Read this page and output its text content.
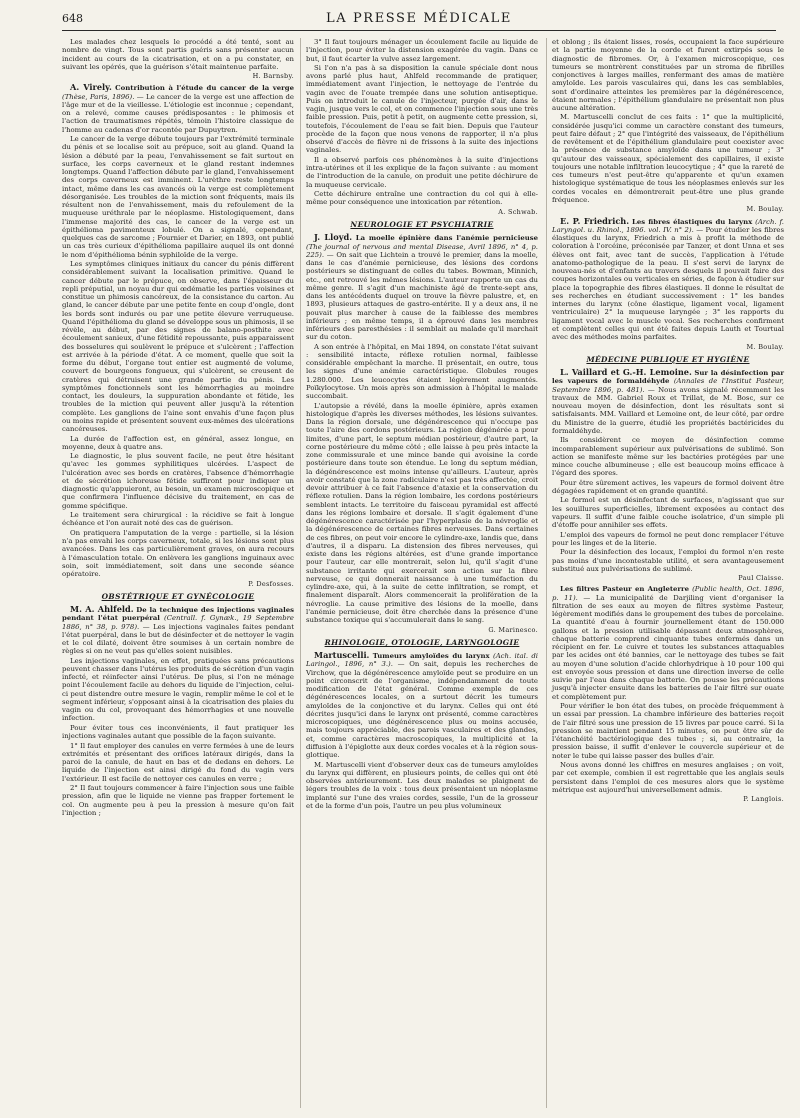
648	LA PRESSE MÉDICALE

Les malades chez lesquels le procédé a été tenté, sont au nombre de vingt. Tous sont partis guéris sans présenter aucun incident au cours de la cicatrisation, et on a pu constater, en suivant les opérés, que la guérison s'était maintenue parfaite.

H. Barnsby.
A. Virely. Contribution à l'étude du cancer de la verge (Thèse, Paris, 1896). — Le cancer de la verge est une affection de l'âge mur et de la vieillesse. L'étiologie est inconnue ; cependant, on a relevé, comme causes prédisposantes : le phimosis et l'action de traumatismes répétés, témoin l'histoire classique de l'homme au cadenas d'or racontée par Dupuytren.

Le cancer de la verge débute toujours par l'extrémité terminale du pénis et se localise soit au prépuce, soit au gland. Quand la lésion a débuté par la peau, l'envahissement se fait surtout en surface, les corps caverneux et le gland restant indemnes longtemps. Quand l'affection débute par le gland, l'envahissement des corps caverneux est imminent. L'urèthre reste longtemps intact, même dans les cas avancés où la verge est complètement désorganisée. Les troubles de la miction sont fréquents, mais ils résultent non de l'envahissement, mais du refoulement de la muqueuse uréthrale par le néoplasme. Histologiquement, dans l'immense majorité des cas, le cancer de la verge est un épithélioma pavimenteux lobulé. On a signalé, cependant, quelques cas de sarcome ; Fournier et Darier, en 1893, ont publié un cas très curieux d'épithélioma papillaire auquel ils ont donné le nom d'épithélioma bénin syphiloïde de la verge.

Les symptômes cliniques initiaux du cancer du pénis diffèrent considérablement suivant la localisation primitive. Quand le cancer débute par le prépuce, on observe, dans l'épaisseur du repli préputial, un noyau dur qui œdématie les parties voisines et constitue un phimosis cancéreux, de la consistance du carton. Au gland, le cancer débute par une petite fente en coup d'ongle, dont les bords sont indurés ou par une petite élevure verruqueuse. Quand l'épithélioma du gland se développe sous un phimosis, il se révèle, au début, par des signes de balano-posthite avec écoulement sanieux, d'une fétidité repoussante, puis apparaissent des bosselures qui soulèvent le prépuce et s'ulcèrent ; l'affection est arrivée à la période d'état. A ce moment, quelle que soit la forme du début, l'organe tout entier est augmenté de volume, couvert de bourgeons fongueux, qui s'ulcèrent, se creusent de cratères qui détruisent une grande partie du pénis. Les symptômes fonctionnels sont les hémorrhagies au moindre contact, les douleurs, la suppuration abondante et fétide, les troubles de la miction qui peuvent aller jusqu'à la rétention complète. Les ganglions de l'aine sont envahis d'une façon plus ou moins rapide et présentent souvent eux-mêmes des ulcérations cancéreuses.

La durée de l'affection est, en général, assez longue, en moyenne, deux à quatre ans.

Le diagnostic, le plus souvent facile, ne peut être hésitant qu'avec les gommes syphilitiques ulcérées. L'aspect de l'ulcération avec ses bords en cratères, l'absence d'hémorrhagie et de sécrétion ichoreuse fétide suffiront pour indiquer un diagnostic qu'appuieront, au besoin, un examen microscopique et que confirmera l'influence décisive du traitement, en cas de gomme spécifique.

Le traitement sera chirurgical : la récidive se fait à longue échéance et l'on aurait noté des cas de guérison.

On pratiquera l'amputation de la verge : partielle, si la lésion n'a pas envahi les corps caverneux, totale, si les lésions sont plus avancées. Dans les cas particulièrement graves, on aura recours à l'émasculation totale. On enlèvera les ganglions inguinaux avec soin, soit immédiatement, soit dans une seconde séance opératoire.

P. Desfosses.
OBSTÉTRIQUE ET GYNÉCOLOGIE
M. A. Ahlfeld. De la technique des injections vaginales pendant l'état puerpéral (Centrall. f. Gynæk., 19 Septembre 1886, n° 38, p. 978). — Les injections vaginales faites pendant l'état puerpéral, dans le but de désinfecter et de nettoyer le vagin et le col dilaté, doivent être soumises à un certain nombre de règles si on ne veut pas qu'elles soient nuisibles.

Les injections vaginales, en effet, pratiquées sans précautions peuvent chasser dans l'utérus les produits de sécrétion d'un vagin infecté, et réinfecter ainsi l'utérus. De plus, si l'on ne ménage point l'écoulement facile au dehors du liquide de l'injection, celui-ci peut distendre outre mesure le vagin, remplir même le col et le segment inférieur, s'opposant ainsi à la cicatrisation des plaies du vagin ou du col, provoquant des hémorrhagies et une nouvelle infection.

Pour éviter tous ces inconvénients, il faut pratiquer les injections vaginales autant que possible de la façon suivante.

1° Il faut employer des canules en verre fermées à une de leurs extrémités et présentant des orifices latéraux dirigés, dans la paroi de la canule, de haut en bas et de dedans en dehors. Le liquide de l'injection est ainsi dirigé du fond du vagin vers l'extérieur. Il est facile de nettoyer ces canules en verre ;

2° Il faut toujours commencer à faire l'injection sous une faible pression, afin que le liquide ne vienne pas frapper fortement le col. On augmente peu à peu la pression à mesure qu'on fait l'injection ;

3° Il faut toujours ménager un écoulement facile au liquide de l'injection, pour éviter la distension exagérée du vagin. Dans ce but, il faut écarter la vulve assez largement.

Si l'on n'a pas à sa disposition la canule spéciale dont nous avons parlé plus haut, Ahlfeld recommande de pratiquer, immédiatement avant l'injection, le nettoyage de l'entrée du vagin avec de l'ouate trempée dans une solution antiseptique. Puis on introduit le canule de l'injecteur, purgée d'air, dans le vagin, jusque vers le col, et on commence l'injection sous une très faible pression. Puis, petit à petit, on augmente cette pression, si, toutefois, l'écoulement de l'eau se fait bien. Depuis que l'auteur procède de la façon que nous venons de rapporter, il n'a plus observé d'accès de fièvre ni de frissons à la suite des injections vaginales.

Il a observé parfois ces phénomènes à la suite d'injections intra-utérines et il les explique de la façon suivante : au moment de l'introduction de la canule, on produit une petite déchirure de la muqueuse cervicale.

Cette déchirure entraîne une contraction du col qui à elle-même pour conséquence une intoxication par rétention.

A. Schwab.
NEUROLOGIE ET PSYCHIATRIE
J. Lloyd. La moelle épinière dans l'anémie pernicieuse (The journal of nervous and mental Disease, Avril 1896, n° 4, p. 225). — On sait que Lichtein a trouvé le premier, dans la moelle, dans le cas d'anémie pernicieuse, des lésions des cordons postérieurs se distinguant de celles du tabes. Bowman, Minnich, etc., ont retrouvé les mêmes lésions. L'auteur rapporte un cas du même genre. Il s'agit d'un machiniste âgé de trente-sept ans, dans les antécédents duquel on trouve la fièvre palustre, et, en 1893, plusieurs attaques de gastro-entérite. Il y a deux ans, il ne pouvait plus marcher à cause de la faiblesse des membres inférieurs ; en même temps, il a éprouvé dans les membres inférieurs des paresthésies : il semblait au malade qu'il marchait sur du coton.

A son entrée à l'hôpital, en Mai 1894, on constate l'état suivant : sensibilité intacte, réflexe rotulien normal, faiblesse considérable empêchant la marche. Il présentait, en outre, tous les signes d'une anémie caractéristique. Globules rouges 1.280.000. Les leucocytes étaient légèrement augmentés. Poïkylocytose. Un mois après son admission à l'hôpital le malade succombait.

L'autopsie a révélé, dans la moelle épinière, après examen histologique d'après les diverses méthodes, les lésions suivantes. Dans la région dorsale, une dégénérescence qui n'occupe pas toute l'aire des cordons postérieurs. La région dégénérée a pour limites, d'une part, le septum médian postérieur, d'autre part, la corne postérieure du même côté ; elle laisse à peu près intacte la zone commissurale et une mince bande qui avoisine la corde postérieure dans toute son étendue. Le long du septum médian, la dégénérescence est moins intense qu'ailleurs. L'auteur, après avoir constaté que la zone radiculaire n'est pas très affectée, croit devoir attribuer à ce fait l'absence d'ataxie et la conservation du réflexe rotulien. Dans la région lombaire, les cordons postérieurs semblent intacts. Le territoire du faisceau pyramidal est affecté dans les régions lombaire et dorsale. Il s'agit également d'une dégénérescence caractérisée par l'hyperplasie de la névroglie et la dégénérescence de certaines fibres nerveuses. Dans certaines de ces fibres, on peut voir encore le cylindre-axe, landis que, dans d'autres, il a disparu. La distension des fibres nerveuses, qui existe dans les régions altérées, est d'une grande importance pour l'auteur, car elle montrerait, selon lui, qu'il s'agit d'une substance irritante qui exercerait son action sur la fibre nerveuse, ce qui donnerait naissance à une tuméfaction du cylindre-axe, qui, à la suite de cette infiltration, se rompt, et finalement disparaît. Alors commencerait la prolifération de la névroglie. La cause primitive des lésions de la moelle, dans l'anémie pernicieuse, doit être cherchée dans la présence d'une substance toxique qui s'accumulerait dans le sang.

G. Marinesco.
RHINOLOGIE, OTOLOGIE, LARYNGOLOGIE
Martuscelli. Tumeurs amyloïdes du larynx (Ach. ital. di Laringol., 1896, n° 3.). — On sait, depuis les recherches de Virchow, que la dégénérescence amyloïde peut se produire en un point circonscrit de l'organisme, indépendamment de toute modification de l'état général. Comme exemple de ces dégénérescences locales, on a surtout décrit les tumeurs amyloïdes de la conjonctive et du larynx. Celles qui ont été décrites jusqu'ici dans le larynx ont présenté, comme caractères microscopiques, une dégénérescence plus ou moins accusée, mais toujours appréciable, des parois vasculaires et des glandes, et, comme caractères macroscopiques, la multiplicité et la diffusion à l'épiglotte aux deux cordes vocales et à la région sous-glottique.

M. Martuscelli vient d'observer deux cas de tumeurs amyloïdes du larynx qui diffèrent, en plusieurs points, de celles qui ont été observées antérieurement. Les deux malades se plaignent de légers troubles de la voix : tous deux présentaient un néoplasme implanté sur l'une des vraies cordes, sessile, l'un de la grosseur et de la forme d'un pois, l'autre un peu plus volumineux

et oblong ; ils étaient lisses, rosés, occupaient la face supérieure et la partie moyenne de la corde et furent extirpés sous le diagnostic de fibromes. Or, à l'examen microscopique, ces tumeurs se montrèrent constituées par un stroma de fibrilles conjonctives à larges mailles, renfermant des amas de matière amyloïde. Les parois vasculaires qui, dans les cas semblables, sont d'ordinaire atteintes les premières par la dégénérescence, étaient normales ; l'épithélium glandulaire ne présentait non plus aucune altération.

M. Martuscelli conclut de ces faits : 1° que la multiplicité, considérée jusqu'ici comme un caractère constant des tumeurs, peut faire défaut ; 2° que l'intégrité des vaisseaux, de l'épithélium de revêtement et de l'épithélium glandulaire peut coexister avec la présence de substance amyloïde dans une tumeur ; 3° qu'autour des vaisseaux, spécialement des capillaires, il existe toujours une notable infiltration leucocytique ; 4° que la rareté de ces tumeurs n'est peut-être qu'apparente et qu'un examen histologique systématique de tous les néoplasmes enlevés sur les cordes vocales en démontrerait peut-être une plus grande fréquence.

M. Boulay.
E. P. Friedrich. Les fibres élastiques du larynx (Arch. f. Laryngol. u. Rhinol., 1896. vol. IV. n° 2). — Pour étudier les fibres élastiques du larynx, Friedrich a mis à profit la méthode de coloration à l'orcéine, préconisée par Tanzer, et dont Unna et ses élèves ont fait, avec tant de succès, l'application à l'étude anatomo-pathologique de la peau. Il s'est servi de larynx de nouveau-nés et d'enfants au travers desquels il pouvait faire des coupes horizontales ou verticales en séries, de façon à étudier sur place la topographie des fibres élastiques. Il donne le résultat de ses recherches en étudiant successivement : 1° les bandes internes du larynx (cône élastique, ligament vocal, ligament ventriculaire) 2° la muqueuse laryngée ; 3° les rapports du ligament vocal avec le muscle vocal. Ses recherches confirment et complètent celles qui ont été faites depuis Lauth et Tourtual avec des méthodes moins parfaites.
M. Boulay.
MÉDECINE PUBLIQUE ET HYGIÈNE
L. Vaillard et G.-H. Lemoine. Sur la désinfection par les vapeurs de formaldéhyde (Annales de l'Institut Pasteur, Septembre 1896, p. 481). — Nous avons signalé récemment les travaux de MM. Gabriel Roux et Trillat, de M. Bosc, sur ce nouveau moyen de désinfection, dont les résultats sont si satisfaisants. MM. Vaillard et Lemoine ont, de leur côté, par ordre du Ministre de la guerre, étudié les propriétés bactéricides du formaldéhyde.

Ils considèrent ce moyen de désinfection comme incomparablement supérieur aux pulvérisations de sublimé. Son action se manifeste même sur les bactéries protégées par une mince couche albumineuse ; elle est beaucoup moins efficace à l'égard des spores.

Pour être sûrement actives, les vapeurs de formol doivent être dégagées rapidement et en grande quantité.

Le formol est un désinfectant de surfaces, n'agissant que sur les souillures superficielles, librement exposées au contact des vapeurs. Il suffit d'une faible couche isolatrice, d'un simple pli d'étoffe pour annihiler ses effets.

L'emploi des vapeurs de formol ne peut donc remplacer l'étuve pour les linges et de la literie.

Pour la désinfection des locaux, l'emploi du formol n'en reste pas moins d'une incontestable utilité, et sera avantageusement substitué aux pulvérisations de sublimé.

Paul Claisse.
Les filtres Pasteur en Angleterre (Public health, Oct. 1896, p. 11). — La municipalité de Darjiling vient d'organiser la filtration de ses eaux au moyen de filtres système Pasteur, légèrement modifiés dans le groupement des tubes de porcelaine. La quantité d'eau à fournir journellement étant de 150.000 gallons et la pression utilisable dépassant deux atmosphères, chaque batterie comprend cinquante tubes enfermés dans un récipient en fer. Le cuivre et toutes les substances attaquables par les acides ont été bannies, car le nettoyage des tubes se fait au moyen d'une solution d'acide chlorhydrique à 10 pour 100 qui est envoyée sous pression et dans une direction inverse de celle suivie par l'eau dans chaque batterie. On pousse les précautions jusqu'à injecter ensuite dans les batteries de l'air filtré sur ouate et complètement pur.

Pour vérifier le bon état des tubes, on procède fréquemment à un essai par pression. La chambre inférieure des batteries reçoit de l'air filtré sous une pression de 15 livres par pouce carré. Si la pression se maintient pendant 15 minutes, on peut être sûr de l'étanchéité bactériologique des tubes ; si, au contraire, la pression baisse, il suffit d'enlever le couvercle supérieur et de noter le tube qui laisse passer des bulles d'air.

Nous avons donné les chiffres en mesures anglaises ; on voit, par cet exemple, combien il est regrettable que les anglais seuls persistent dans l'emploi de ces mesures alors que le système métrique est aujourd'hui universellement admis.

P. Langlois.
